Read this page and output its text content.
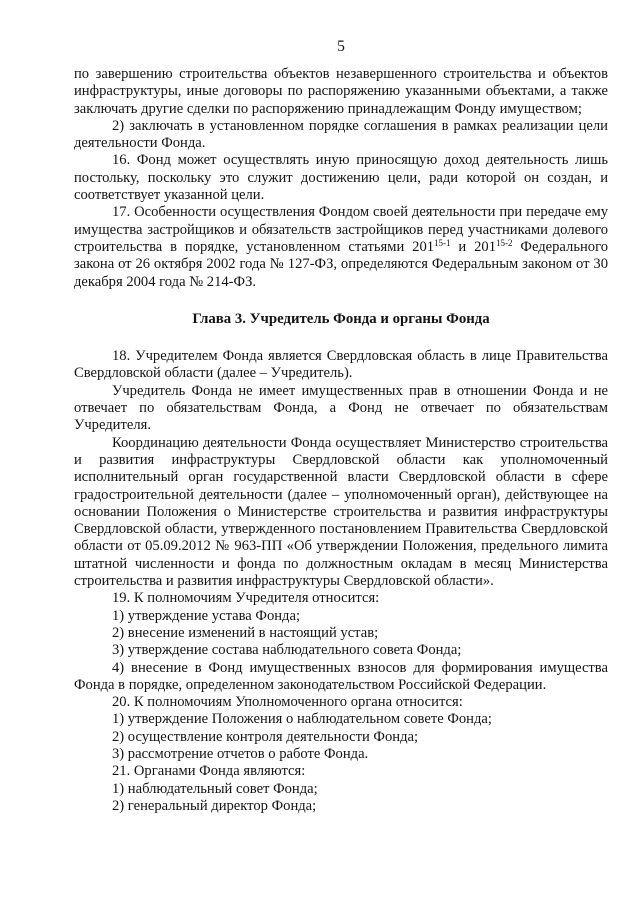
5

по завершению строительства объектов незавершенного строительства и объектов инфраструктуры, иные договоры по распоряжению указанными объектами, а также заключать другие сделки по распоряжению принадлежащим Фонду имуществом;

2) заключать в установленном порядке соглашения в рамках реализации цели деятельности Фонда.

16. Фонд может осуществлять иную приносящую доход деятельность лишь постольку, поскольку это служит достижению цели, ради которой он создан, и соответствует указанной цели.

17. Особенности осуществления Фондом своей деятельности при передаче ему имущества застройщиков и обязательств застройщиков перед участниками долевого строительства в порядке, установленном статьями 201$^{15-1}$ и 201$^{15-2}$ Федерального закона от 26 октября 2002 года № 127-ФЗ, определяются Федеральным законом от 30 декабря 2004 года № 214-ФЗ.

Глава 3. Учредитель Фонда и органы Фонда

18. Учредителем Фонда является Свердловская область в лице Правительства Свердловской области (далее – Учредитель).

Учредитель Фонда не имеет имущественных прав в отношении Фонда и не отвечает по обязательствам Фонда, а Фонд не отвечает по обязательствам Учредителя.

Координацию деятельности Фонда осуществляет Министерство строительства и развития инфраструктуры Свердловской области как уполномоченный исполнительный орган государственной власти Свердловской области в сфере градостроительной деятельности (далее – уполномоченный орган), действующее на основании Положения о Министерстве строительства и развития инфраструктуры Свердловской области, утвержденного постановлением Правительства Свердловской области от 05.09.2012 № 963-ПП «Об утверждении Положения, предельного лимита штатной численности и фонда по должностным окладам в месяц Министерства строительства и развития инфраструктуры Свердловской области».

19. К полномочиям Учредителя относится:

1) утверждение устава Фонда;

2) внесение изменений в настоящий устав;

3) утверждение состава наблюдательного совета Фонда;

4) внесение в Фонд имущественных взносов для формирования имущества Фонда в порядке, определенном законодательством Российской Федерации.

20. К полномочиям Уполномоченного органа относится:

1) утверждение Положения о наблюдательном совете Фонда;

2) осуществление контроля деятельности Фонда;

3) рассмотрение отчетов о работе Фонда.

21. Органами Фонда являются:

1) наблюдательный совет Фонда;

2) генеральный директор Фонда;
